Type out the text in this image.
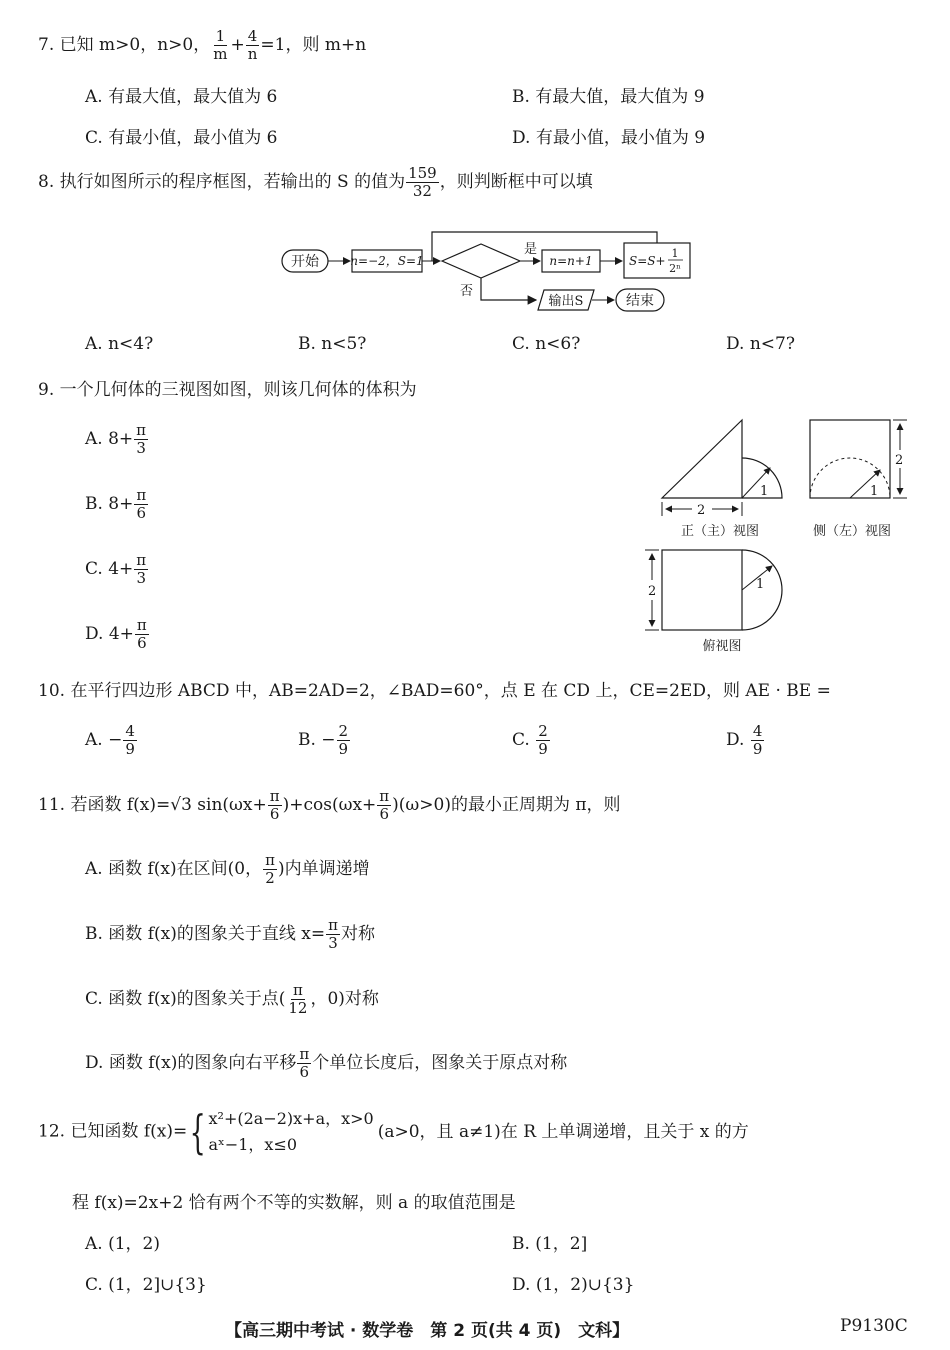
7. 已知 m>0，n>0， $\frac{1}{m} + \frac{4}{n} =1$，则 m+n
A. 有最大值，最大值为 6	B. 有最大值，最大值为 9
C. 有最小值，最小值为 6	D. 有最小值，最小值为 9
8. 执行如图所示的程序框图，若输出的 S 的值为 $\frac{159}{32}$ ，则判断框中可以填
开始	n=−2，S=1
是
n=n+1	S=S+
1
2ⁿ
否
输出S	结束
A. n<4?	B. n<5?	C. n<6?	D. n<7?
9. 一个几何体的三视图如图，则该几何体的体积为
A. $8+ \frac{\pi}{3}$
B. $8+ \frac{\pi}{6}$
C. $4+ \frac{\pi}{3}$
D. $4+ \frac{\pi}{6}$
1
2
正（主）视图
1
2
侧（左）视图
1
2
俯视图
10. 在平行四边形 ABCD 中，AB=2AD=2，∠BAD=60°，点 E 在 CD 上，CE=2ED，则 AE · BE =
A. − $\frac{4}{9}$	B. − $\frac{2}{9}$	C. $\frac{2}{9}$	D. $\frac{4}{9}$
11. 若函数 f(x)=√3 $\sin(\omega x+ \frac{\pi}{6} )+\cos(\omega x+ \frac{\pi}{6} )(\omega>0)$的最小正周期为 π，则
A. 函数 f(x)在区间(0， $\frac{\pi}{2}$ )内单调递增
B. 函数 f(x)的图象关于直线 $x= \frac{\pi}{3}$ 对称
C. 函数 f(x)的图象关于点( $\frac{\pi}{12}$ ，0)对称
D. 函数 f(x)的图象向右平移 $\frac{\pi}{6}$ 个单位长度后，图象关于原点对称
12. 已知函数 f(x)={ x²+(2a−2)x+a，x>0
aˣ−1，x≤0
(a>0，且 a≠1)在 R 上单调递增，且关于 x 的方
程 f(x)=2x+2 恰有两个不等的实数解，则 a 的取值范围是
A. (1，2)	B. (1，2]
C. (1，2]∪{3}	D. (1，2)∪{3}
【高三期中考试 · 数学卷　第 2 页(共 4 页)　文科】	P9130C
